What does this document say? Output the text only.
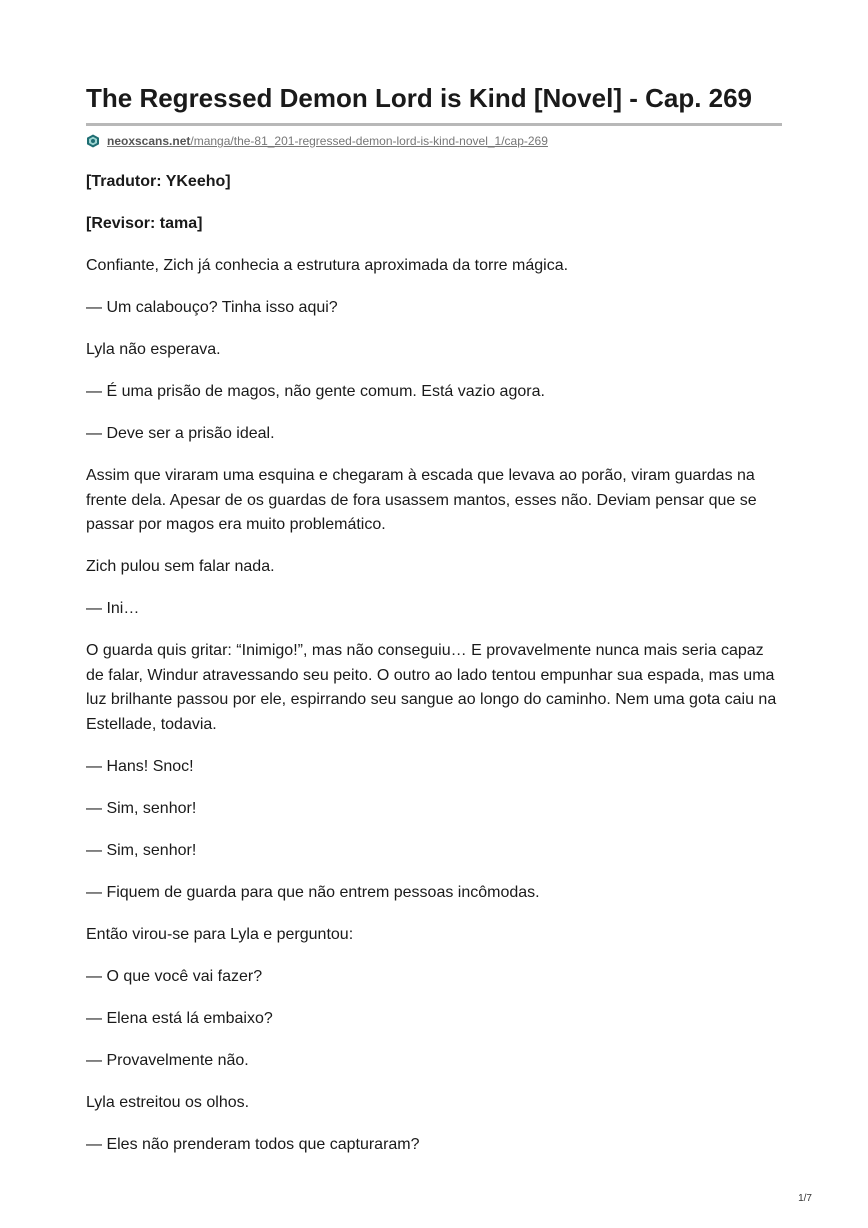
The Regressed Demon Lord is Kind [Novel] - Cap. 269
neoxscans.net/manga/the-81_201-regressed-demon-lord-is-kind-novel_1/cap-269

[Tradutor: YKeeho]

[Revisor: tama]

Confiante, Zich já conhecia a estrutura aproximada da torre mágica.

— Um calabouço? Tinha isso aqui?

Lyla não esperava.

— É uma prisão de magos, não gente comum. Está vazio agora.

— Deve ser a prisão ideal.

Assim que viraram uma esquina e chegaram à escada que levava ao porão, viram guardas na frente dela. Apesar de os guardas de fora usassem mantos, esses não. Deviam pensar que se passar por magos era muito problemático.

Zich pulou sem falar nada.

— Ini…

O guarda quis gritar: “Inimigo!”, mas não conseguiu… E provavelmente nunca mais seria capaz de falar, Windur atravessando seu peito. O outro ao lado tentou empunhar sua espada, mas uma luz brilhante passou por ele, espirrando seu sangue ao longo do caminho. Nem uma gota caiu na Estellade, todavia.

— Hans! Snoc!

— Sim, senhor!

— Sim, senhor!

— Fiquem de guarda para que não entrem pessoas incômodas.

Então virou-se para Lyla e perguntou:

— O que você vai fazer?

— Elena está lá embaixo?

— Provavelmente não.

Lyla estreitou os olhos.

— Eles não prenderam todos que capturaram?

1/7
